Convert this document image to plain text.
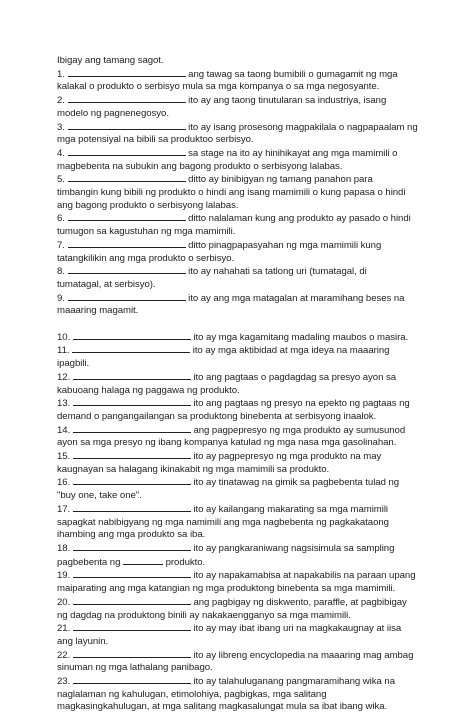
Ibigay ang tamang sagot.
1.	ang tawag sa taong bumibili o gumagamit ng mga
kalakal o produkto o serbisyo mula sa mga kompanya o sa mga negosyante.
2.	ito ay ang taong tinutularan sa industriya, isang
modelo ng pagnenegosyo.
3.	ito ay isang prosesong magpakilala o nagpapaalam ng
mga potensiyal na bibili sa produktoo serbisyo.
4.	sa stage na ito ay hinihikayat ang mga mamimili o
magbebenta na subukin ang bagong produkto o serbisyong lalabas.
5.	ditto ay binibigyan ng tamang panahon para
timbangin kung bibili ng produkto o hindi ang isang mamimili o kung papasa o hindi
ang bagong produkto o serbisyong lalabas.
6.	ditto nalalaman kung ang produkto ay pasado o hindi
tumugon sa kagustuhan ng mga mamimili.
7.	ditto pinagpapasyahan ng mga mamimili kung
tatangkilikin ang mga produkto o serbisyo.
8.	ito ay nahahati sa tatlong uri (tumatagal, di
tumatagal, at serbisyo).
9.	ito ay ang mga matagalan at maramihang beses na
maaaring magamit.
10.	ito ay mga kagamitang madaling maubos o masira.
11.	ito ay mga aktibidad at mga ideya na maaaring
ipagbili.
12.	ito ang pagtaas o pagdagdag sa presyo ayon sa
kabuoang halaga ng paggawa ng produkto.
13.	ito ang pagtaas ng presyo na epekto ng pagtaas ng
demand o pangangailangan sa produktong binebenta at serbisyong inaalok.
14.	ang pagpepresyo ng mga produkto ay sumusunod
ayon sa mga presyo ng ibang kompanya katulad ng mga nasa mga gasolinahan.
15.	ito ay pagpepresyo ng mga produkto na may
kaugnayan sa halagang ikinakabit ng mga mamimili sa produkto.
16.	ito ay tinatawag na gimik sa pagbebenta tulad ng
"buy one, take one".
17.	ito ay kailangang makarating sa mga mamimili
sapagkat nabibigyang ng mga namimili ang mga nagbebenta ng pagkakataong
ihambing ang mga produkto sa iba.
18.	ito ay pangkaraniwang nagsisimula sa sampling
pagbebenta ng	produkto.
19.	ito ay napakamabisa at napakabilis na paraan upang
maiparating ang mga katangian ng mga produktong binebenta sa mga mamimili.
20.	ang pagbigay ng diskwento, paraffle, at pagbibigay
ng dagdag na produktong binili ay nakakaengganyo sa mga mamimili.
21.	ito ay may ibat ibang uri na magkakaugnay at iisa
ang layunin.
22.	ito ay libreng encyclopedia na maaaring mag ambag
sinuman ng mga lathalang panibago.
23.	ito ay talahuluganang pangmaramihang wika na
naglalaman ng kahulugan, etimolohiya, pagbigkas, mga salitang
magkasingkahulugan, at mga salitang magkasalungat mula sa ibat ibang wika.
